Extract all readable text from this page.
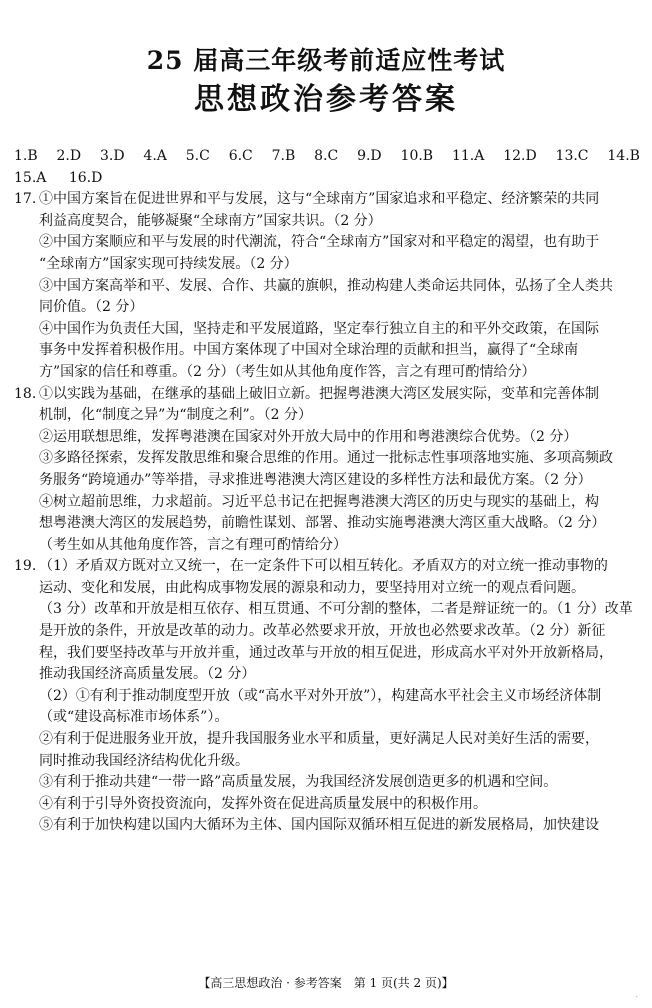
25 届高三年级考前适应性考试
思想政治参考答案
1.B 2.D 3.D 4.A 5.C 6.C 7.B 8.C 9.D 10.B 11.A 12.D 13.C 14.B
15.A 16.D
17. ①中国方案旨在促进世界和平与发展，这与“全球南方”国家追求和平稳定、经济繁荣的共同
利益高度契合，能够凝聚“全球南方”国家共识。（2 分）
②中国方案顺应和平与发展的时代潮流，符合“全球南方”国家对和平稳定的渴望，也有助于
“全球南方”国家实现可持续发展。（2 分）
③中国方案高举和平、发展、合作、共赢的旗帜，推动构建人类命运共同体，弘扬了全人类共
同价值。（2 分）
④中国作为负责任大国，坚持走和平发展道路，坚定奉行独立自主的和平外交政策，在国际
事务中发挥着积极作用。中国方案体现了中国对全球治理的贡献和担当，赢得了“全球南
方”国家的信任和尊重。（2 分）（考生如从其他角度作答，言之有理可酌情给分）
18. ①以实践为基础，在继承的基础上破旧立新。把握粤港澳大湾区发展实际，变革和完善体制
机制，化“制度之异”为“制度之利”。（2 分）
②运用联想思维，发挥粤港澳在国家对外开放大局中的作用和粤港澳综合优势。（2 分）
③多路径探索，发挥发散思维和聚合思维的作用。通过一批标志性事项落地实施、多项高频政
务服务“跨境通办”等举措，寻求推进粤港澳大湾区建设的多样性方法和最优方案。（2 分）
④树立超前思维，力求超前。习近平总书记在把握粤港澳大湾区的历史与现实的基础上，构
想粤港澳大湾区的发展趋势，前瞻性谋划、部署、推动实施粤港澳大湾区重大战略。（2 分）
（考生如从其他角度作答，言之有理可酌情给分）
19. （1）矛盾双方既对立又统一，在一定条件下可以相互转化。矛盾双方的对立统一推动事物的
运动、变化和发展，由此构成事物发展的源泉和动力，要坚持用对立统一的观点看问题。
（3 分）改革和开放是相互依存、相互贯通、不可分割的整体，二者是辩证统一的。（1 分）改革
是开放的条件，开放是改革的动力。改革必然要求开放，开放也必然要求改革。（2 分）新征
程，我们要坚持改革与开放并重，通过改革与开放的相互促进，形成高水平对外开放新格局，
推动我国经济高质量发展。（2 分）
（2）①有利于推动制度型开放（或“高水平对外开放”），构建高水平社会主义市场经济体制
（或“建设高标准市场体系”）。
②有利于促进服务业开放，提升我国服务业水平和质量，更好满足人民对美好生活的需要，
同时推动我国经济结构优化升级。
③有利于推动共建“一带一路”高质量发展，为我国经济发展创造更多的机遇和空间。
④有利于引导外资投资流向，发挥外资在促进高质量发展中的积极作用。
⑤有利于加快构建以国内大循环为主体、国内国际双循环相互促进的新发展格局，加快建设
【高三思想政治 · 参考答案　第 1 页(共 2 页)】
.
